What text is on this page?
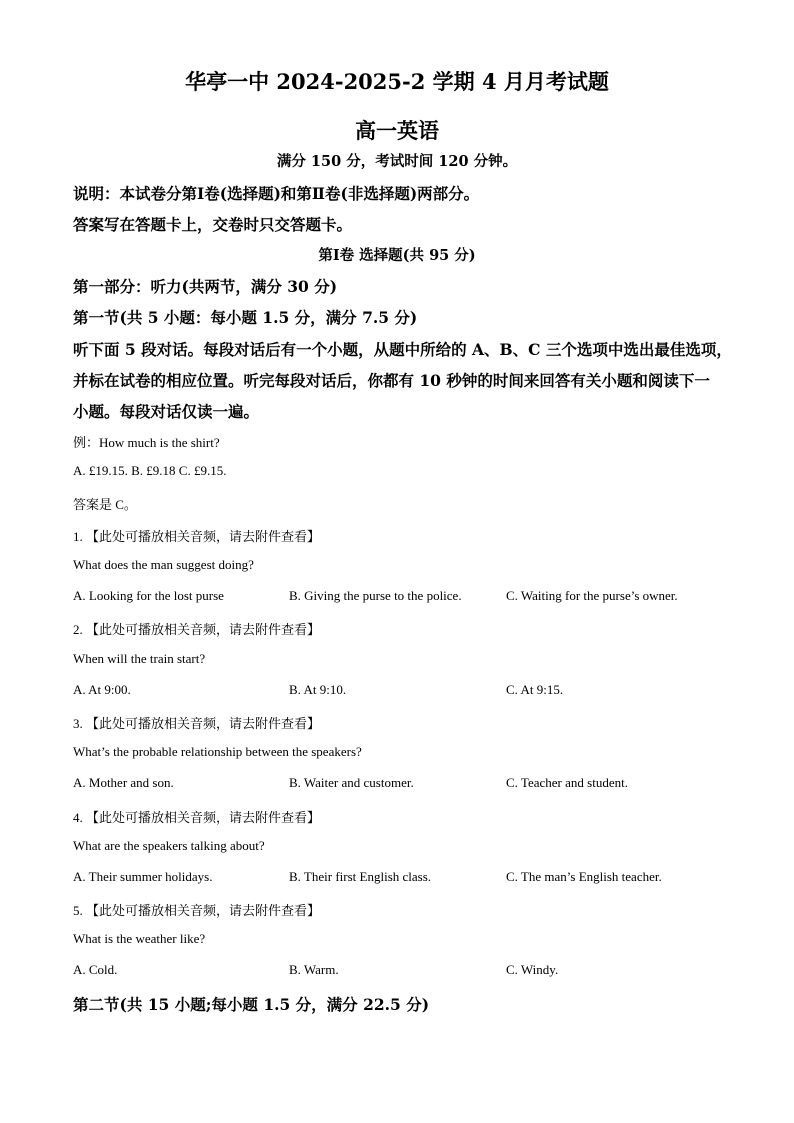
华亭一中 2024-2025-2 学期 4 月月考试题
高一英语
满分 150 分，考试时间 120 分钟。
说明：本试卷分第Ⅰ卷(选择题)和第Ⅱ卷(非选择题)两部分。
答案写在答题卡上，交卷时只交答题卡。
第Ⅰ卷 选择题(共 95 分)
第一部分：听力(共两节，满分 30 分)
第一节(共 5 小题：每小题 1.5 分，满分 7.5 分)
听下面 5 段对话。每段对话后有一个小题，从题中所给的 A、B、C 三个选项中选出最佳选项，
并标在试卷的相应位置。听完每段对话后，你都有 10 秒钟的时间来回答有关小题和阅读下一
小题。每段对话仅读一遍。
例：How much is the shirt?
A. £19.15. B. £9.18 C. £9.15.
答案是 C。
1. 【此处可播放相关音频，请去附件查看】
What does the man suggest doing?
A. Looking for the lost purse	B. Giving the purse to the police.	C. Waiting for the purse’s owner.
2. 【此处可播放相关音频，请去附件查看】
When will the train start?
A. At 9:00.	B. At 9:10.	C. At 9:15.
3. 【此处可播放相关音频，请去附件查看】
What’s the probable relationship between the speakers?
A. Mother and son.	B. Waiter and customer.	C. Teacher and student.
4. 【此处可播放相关音频，请去附件查看】
What are the speakers talking about?
A. Their summer holidays.	B. Their first English class.	C. The man’s English teacher.
5. 【此处可播放相关音频，请去附件查看】
What is the weather like?
A. Cold.	B. Warm.	C. Windy.
第二节(共 15 小题;每小题 1.5 分，满分 22.5 分)
